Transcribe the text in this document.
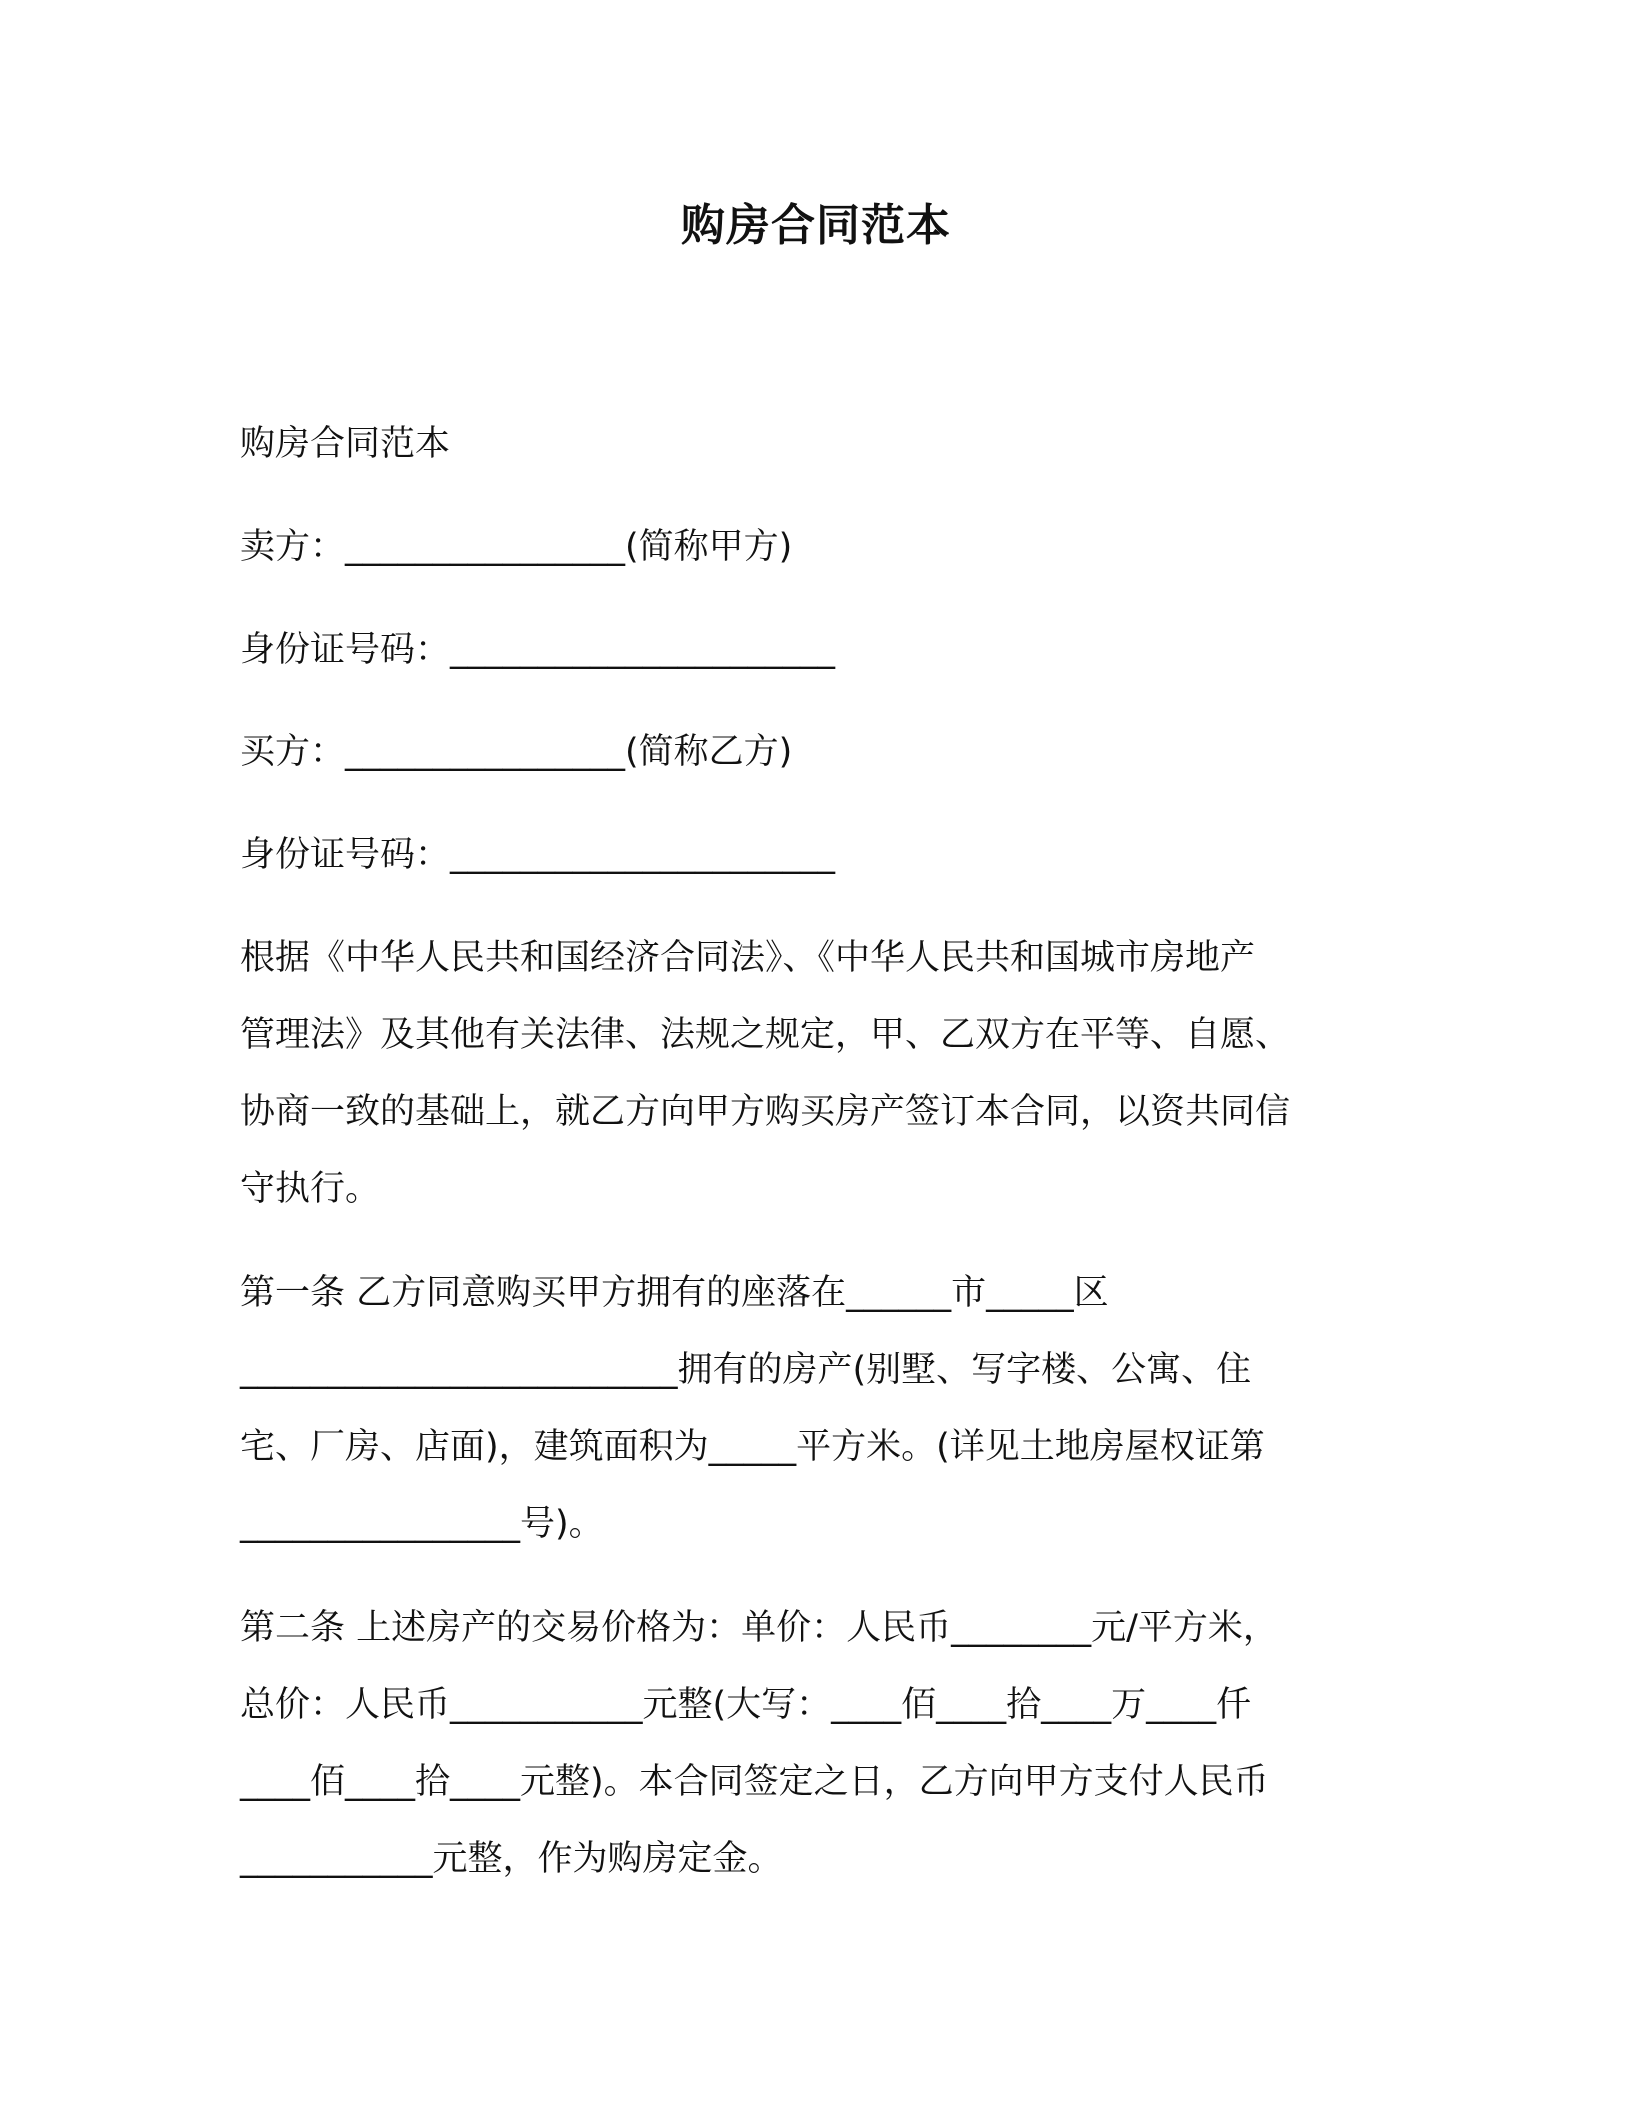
购房合同范本
购房合同范本
卖方：________________(简称甲方)
身份证号码：______________________
买方：________________(简称乙方)
身份证号码：______________________
根据《中华人民共和国经济合同法》、《中华人民共和国城市房地产
管理法》及其他有关法律、法规之规定，甲、乙双方在平等、自愿、
协商一致的基础上，就乙方向甲方购买房产签订本合同，以资共同信
守执行。
第一条 乙方同意购买甲方拥有的座落在______市_____区
_________________________拥有的房产(别墅、写字楼、公寓、住
宅、厂房、店面)，建筑面积为_____平方米。(详见土地房屋权证第
________________号)。
第二条 上述房产的交易价格为：单价：人民币________元/平方米，
总价：人民币___________元整(大写：____佰____拾____万____仟
____佰____拾____元整)。本合同签定之日，乙方向甲方支付人民币
___________元整，作为购房定金。
